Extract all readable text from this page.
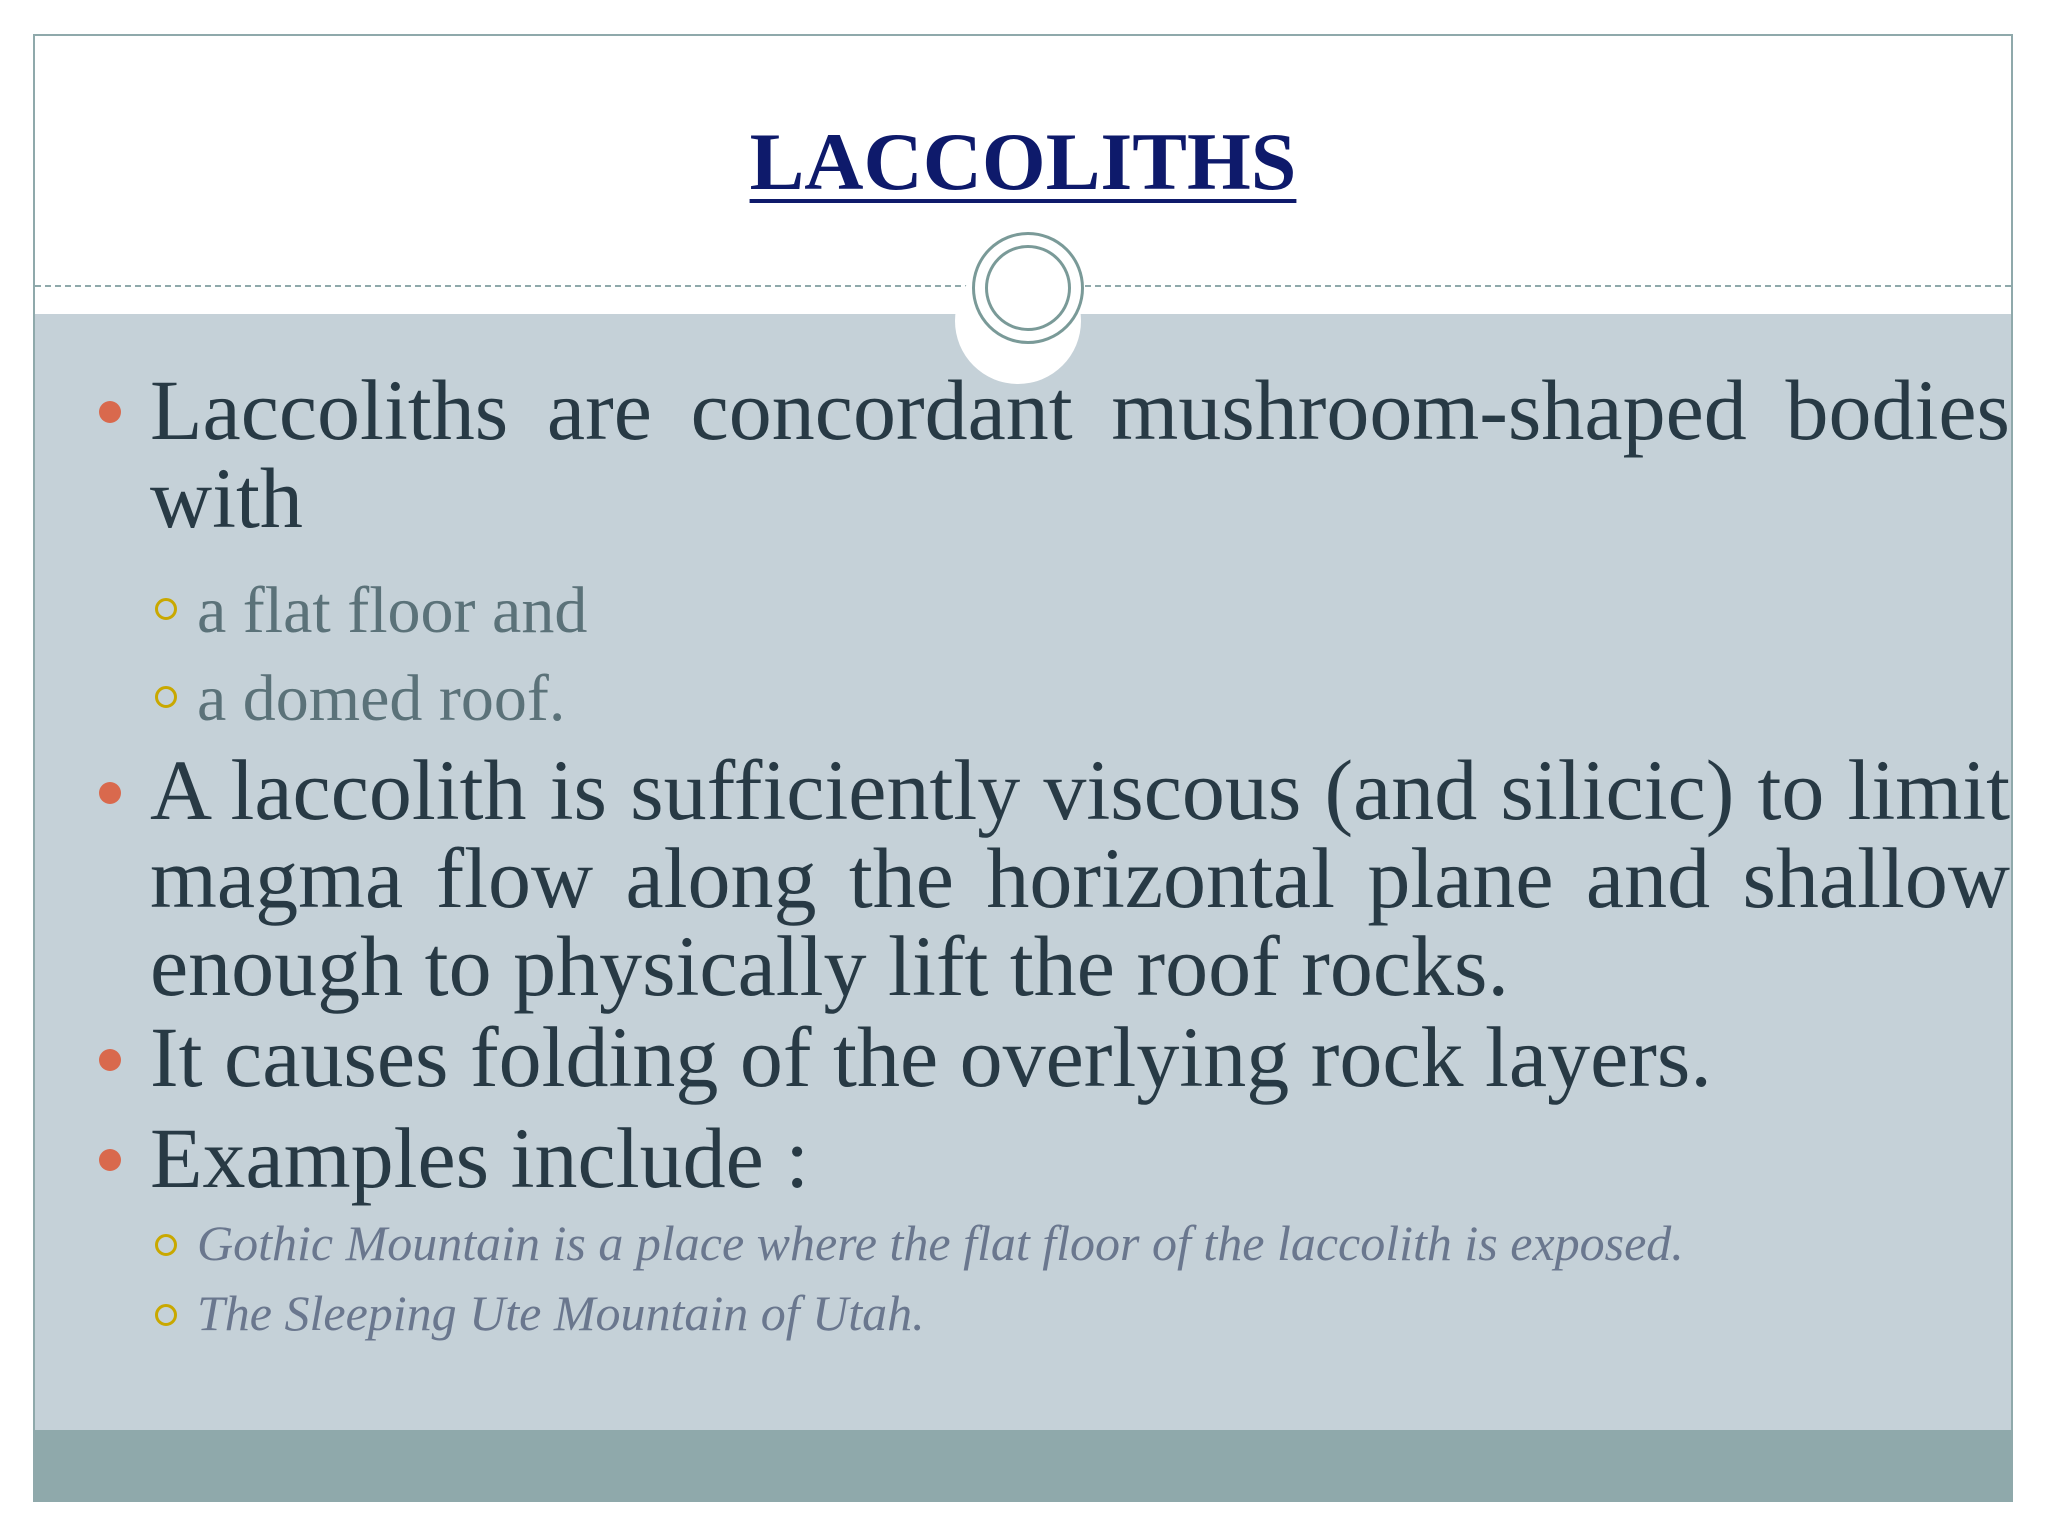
LACCOLITHS
Laccoliths are concordant mushroom-shaped bodies with
a flat floor and
a domed roof.
A laccolith is sufficiently viscous (and silicic) to limit magma flow along the horizontal plane and shallow enough to physically lift the roof rocks.
It causes folding of the overlying rock layers.
Examples include :
Gothic Mountain is a place where the flat floor of the laccolith is exposed.
The Sleeping Ute Mountain of Utah.
